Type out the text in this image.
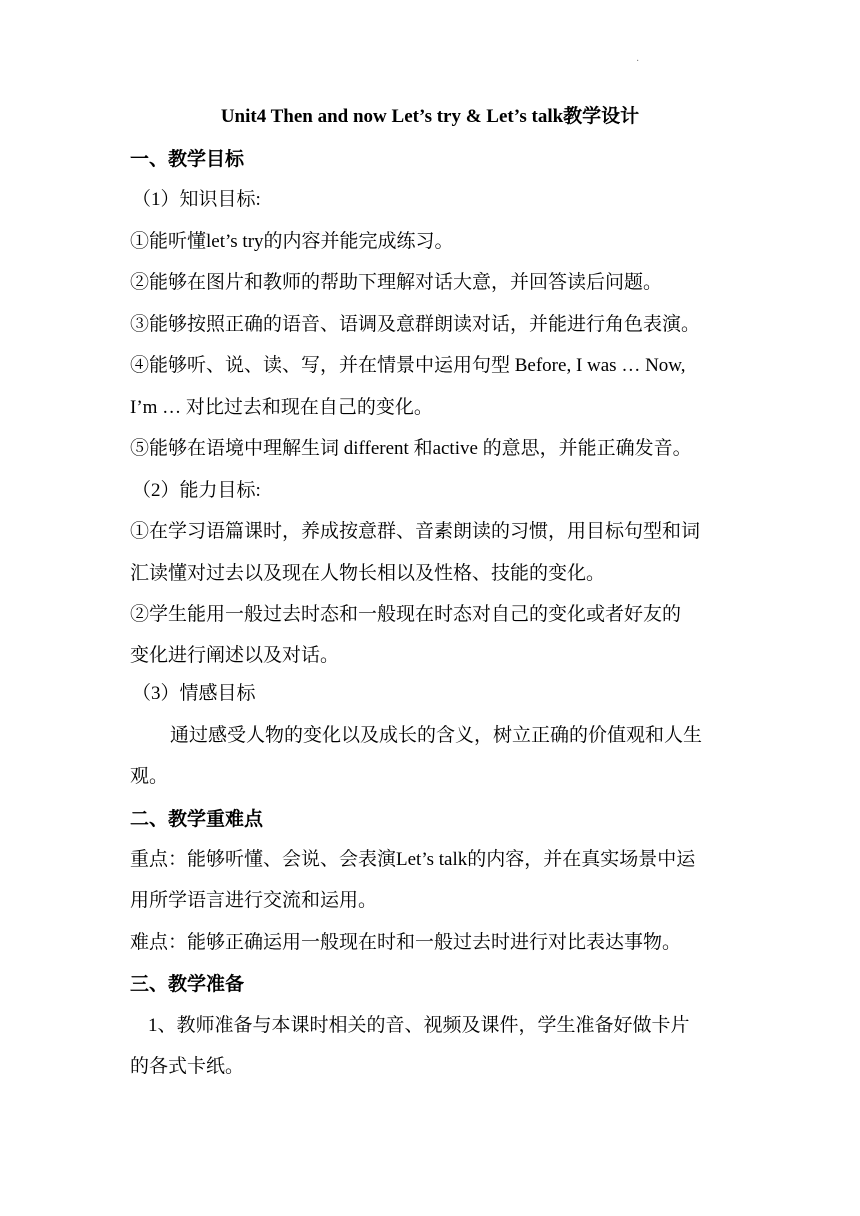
·
Unit4 Then and now Let’s try & Let’s talk教学设计
一、教学目标
（1）知识目标:
①能听懂let’s try的内容并能完成练习。
②能够在图片和教师的帮助下理解对话大意，并回答读后问题。
③能够按照正确的语音、语调及意群朗读对话，并能进行角色表演。
④能够听、说、读、写，并在情景中运用句型 Before, I was … Now,
I’m … 对比过去和现在自己的变化。
⑤能够在语境中理解生词 different 和active 的意思，并能正确发音。
（2）能力目标:
①在学习语篇课时，养成按意群、音素朗读的习惯，用目标句型和词
汇读懂对过去以及现在人物长相以及性格、技能的变化。
②学生能用一般过去时态和一般现在时态对自己的变化或者好友的
变化进行阐述以及对话。
（3）情感目标
通过感受人物的变化以及成长的含义，树立正确的价值观和人生
观。
二、教学重难点
重点：能够听懂、会说、会表演Let’s talk的内容，并在真实场景中运
用所学语言进行交流和运用。
难点：能够正确运用一般现在时和一般过去时进行对比表达事物。
三、教学准备
1、教师准备与本课时相关的音、视频及课件，学生准备好做卡片
的各式卡纸。
